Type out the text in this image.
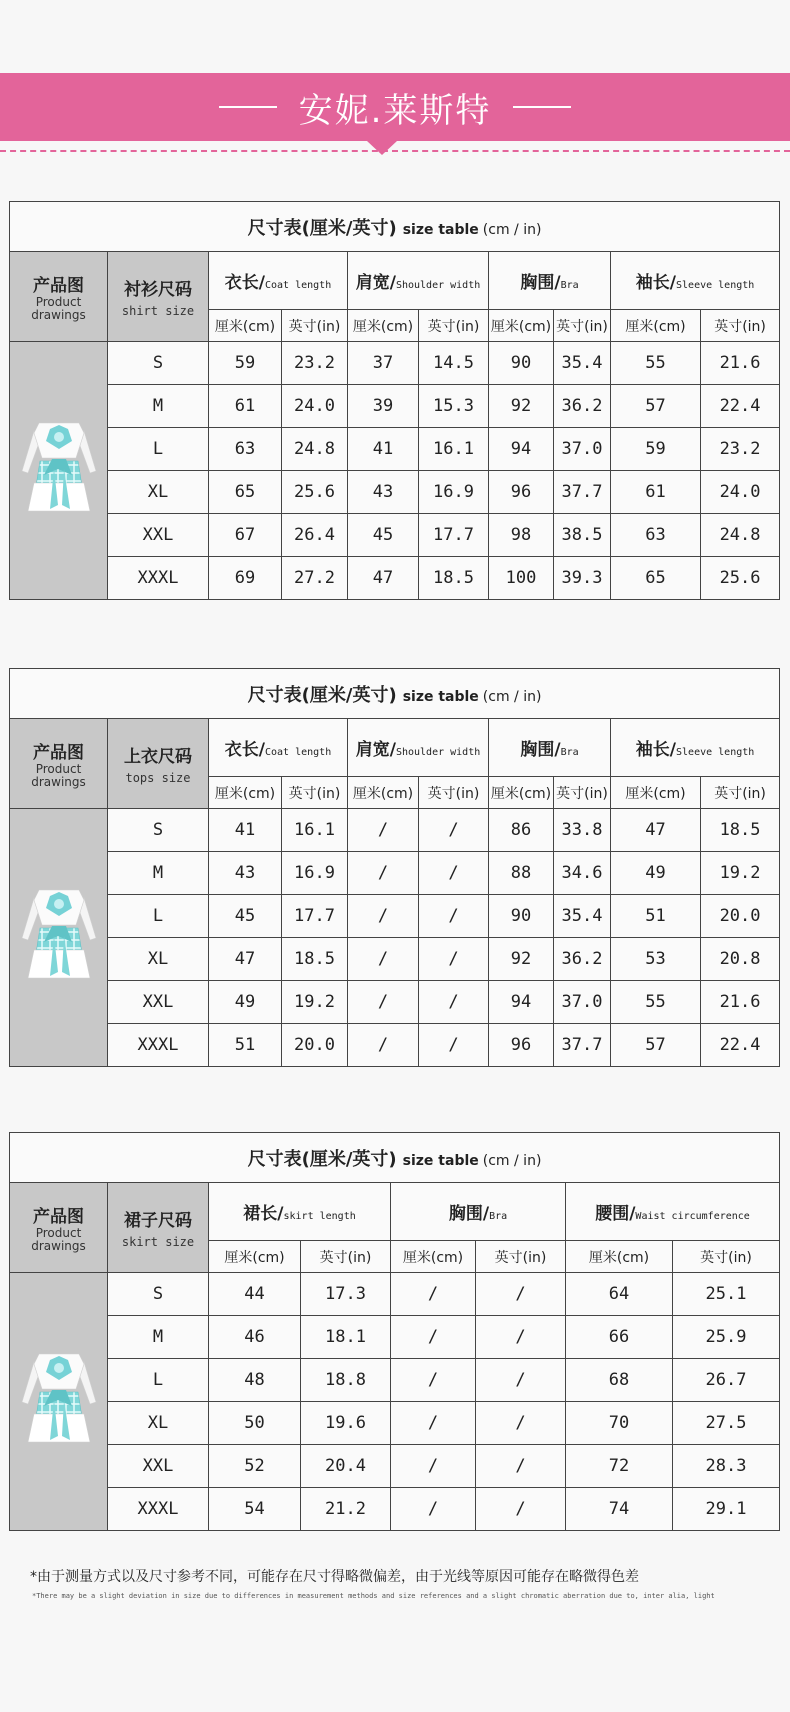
安妮.莱斯特
尺寸表(厘米/英寸) size table (cm / in)									

产品图
Product
drawings	衬衫尺码
shirt size	衣长/Coat length		肩宽/Shoulder width		胸围/Bra		袖长/Sleeve length	
		厘米(cm)	英寸(in)	厘米(cm)	英寸(in)	厘米(cm)	英寸(in)	厘米(cm)	英寸(in)
	S	59	23.2	37	14.5	90	35.4	55	21.6
	M	61	24.0	39	15.3	92	36.2	57	22.4
	L	63	24.8	41	16.1	94	37.0	59	23.2
	XL	65	25.6	43	16.9	96	37.7	61	24.0
	XXL	67	26.4	45	17.7	98	38.5	63	24.8
	XXXL	69	27.2	47	18.5	100	39.3	65	25.6
尺寸表(厘米/英寸) size table (cm / in)									

产品图
Product
drawings	上衣尺码
tops size	衣长/Coat length		肩宽/Shoulder width		胸围/Bra		袖长/Sleeve length	
		厘米(cm)	英寸(in)	厘米(cm)	英寸(in)	厘米(cm)	英寸(in)	厘米(cm)	英寸(in)
	S	41	16.1	/	/	86	33.8	47	18.5
	M	43	16.9	/	/	88	34.6	49	19.2
	L	45	17.7	/	/	90	35.4	51	20.0
	XL	47	18.5	/	/	92	36.2	53	20.8
	XXL	49	19.2	/	/	94	37.0	55	21.6
	XXXL	51	20.0	/	/	96	37.7	57	22.4
尺寸表(厘米/英寸) size table (cm / in)							

产品图
Product
drawings	裙子尺码
skirt size	裙长/skirt length		胸围/Bra		腰围/Waist circumference	
		厘米(cm)	英寸(in)	厘米(cm)	英寸(in)	厘米(cm)	英寸(in)
	S	44	17.3	/	/	64	25.1
	M	46	18.1	/	/	66	25.9
	L	48	18.8	/	/	68	26.7
	XL	50	19.6	/	/	70	27.5
	XXL	52	20.4	/	/	72	28.3
	XXXL	54	21.2	/	/	74	29.1
*由于测量方式以及尺寸参考不同，可能存在尺寸得略微偏差，由于光线等原因可能存在略微得色差
*There may be a slight deviation in size due to differences in measurement methods and size references and a slight chromatic aberration due to, inter alia, light
